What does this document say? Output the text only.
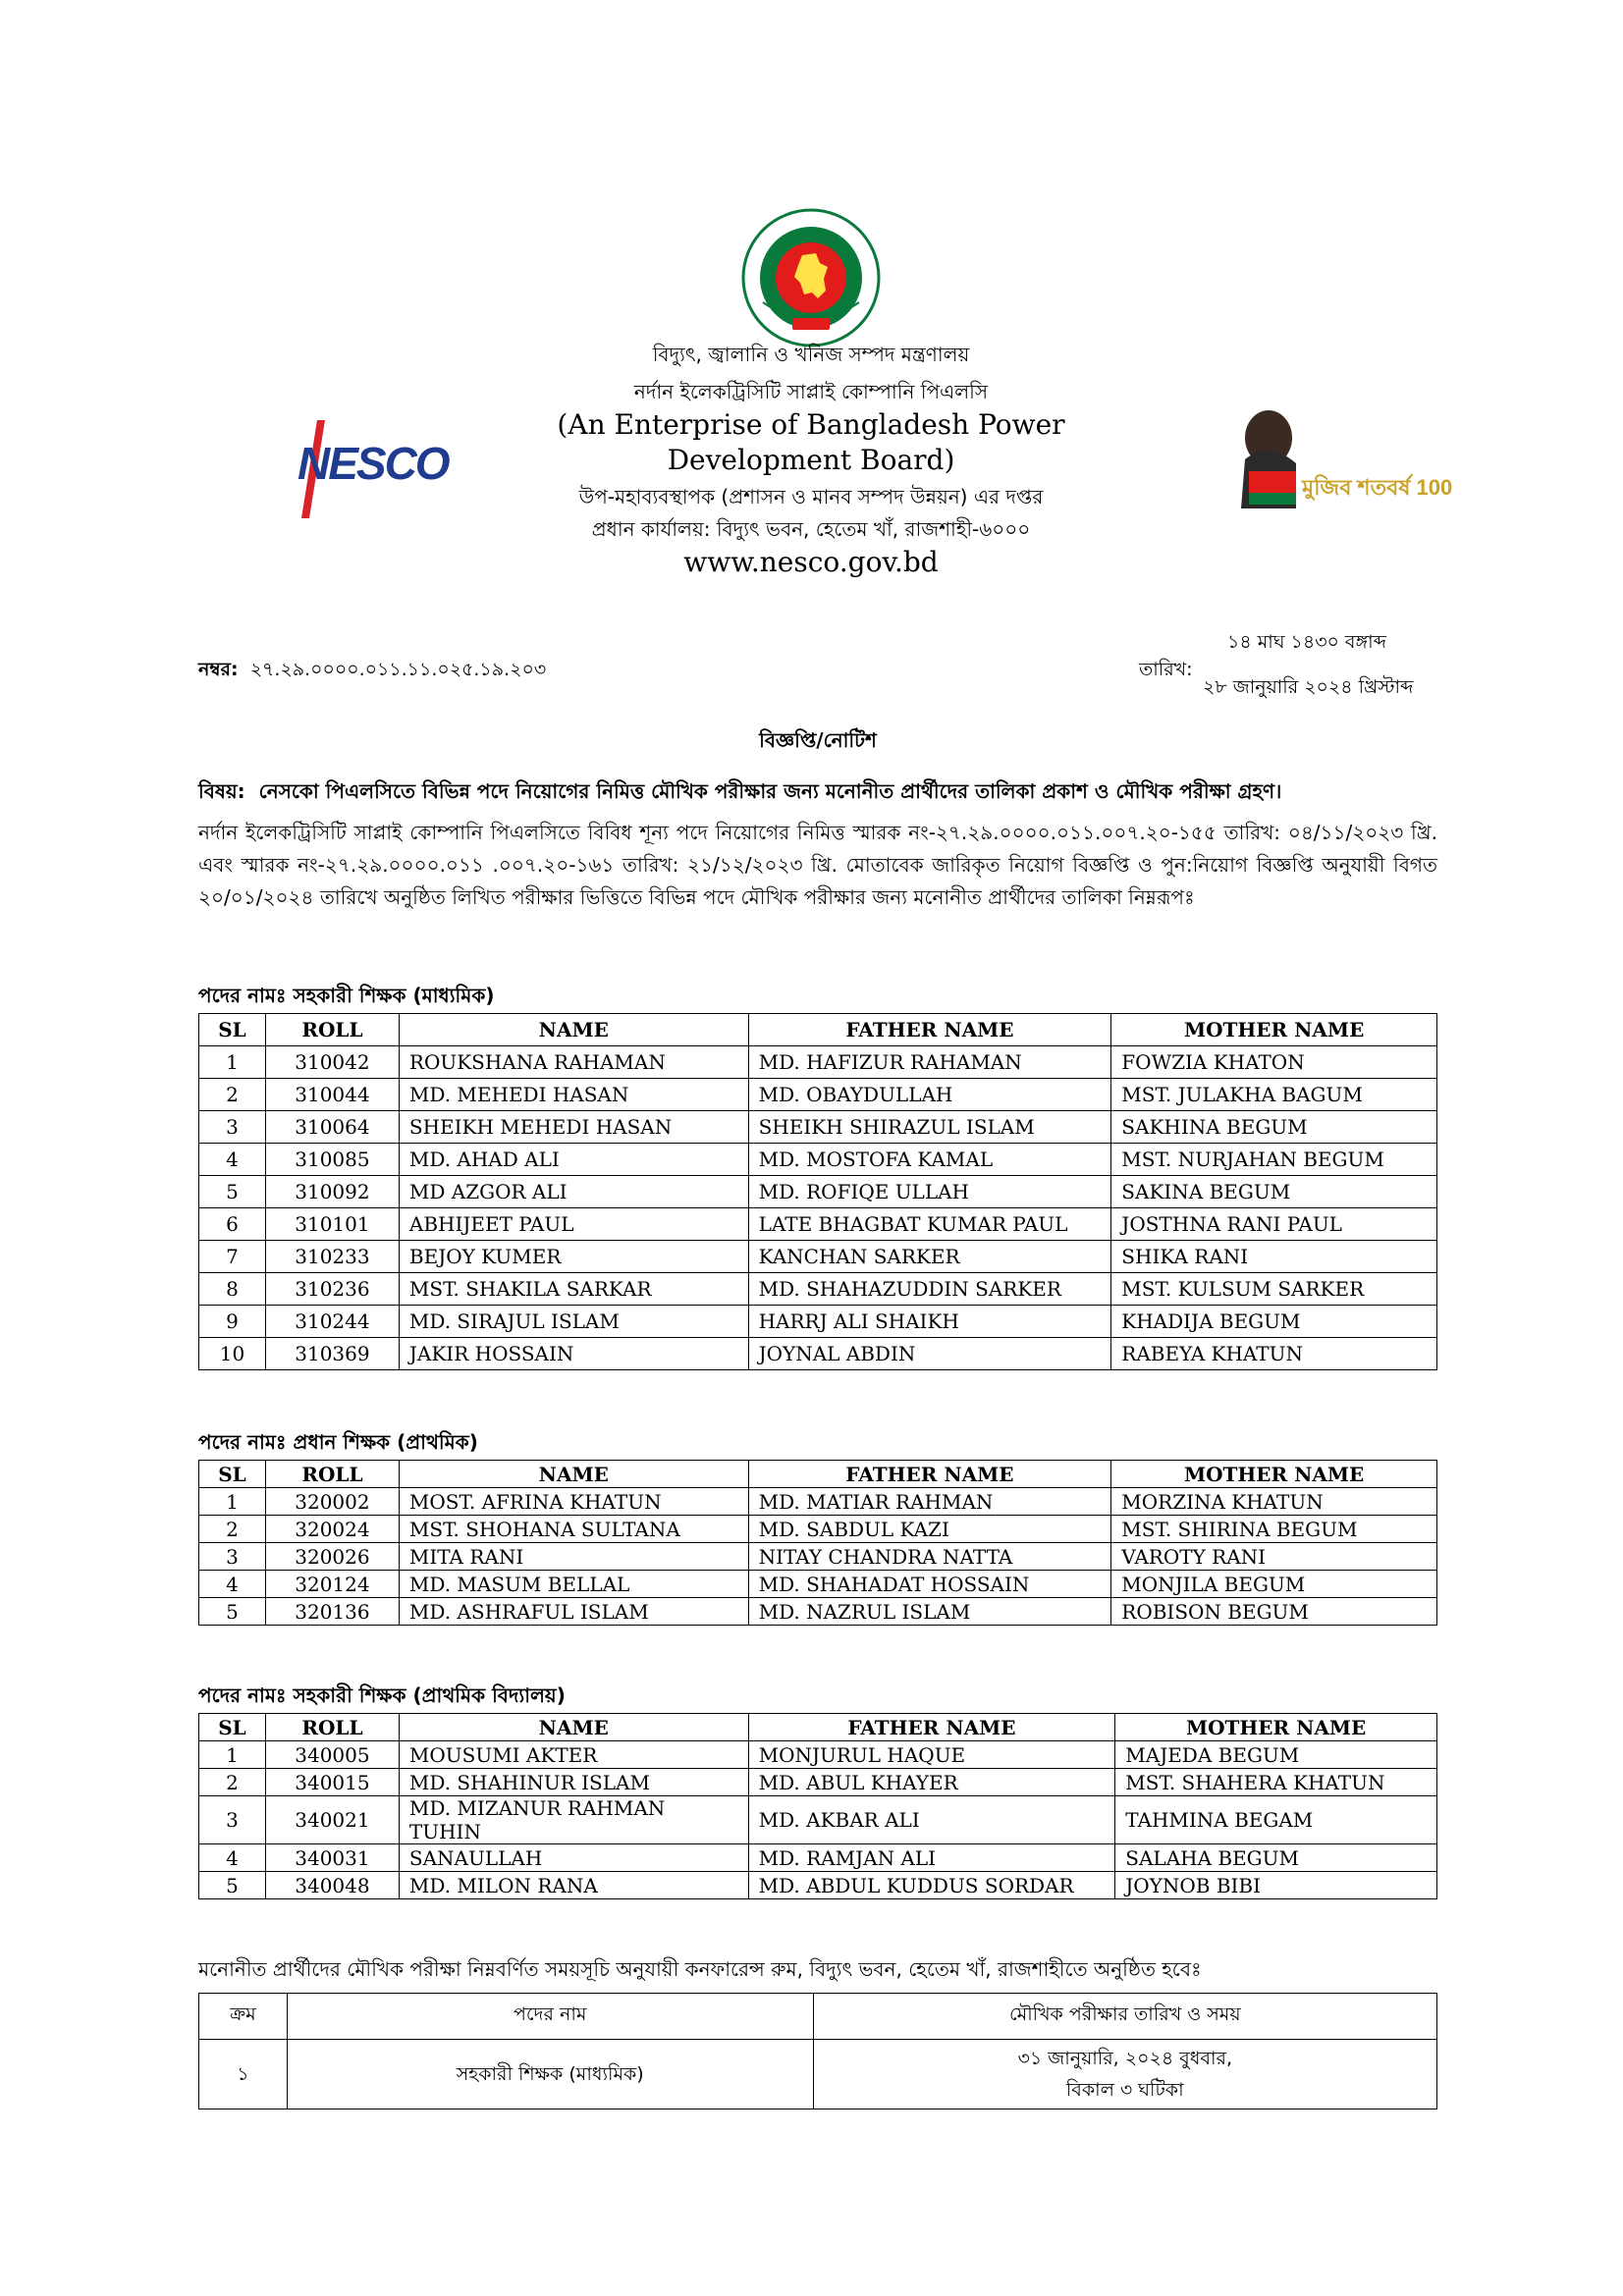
NESCO	মুজিব শতবর্ষ 100
বিদ্যুৎ, জ্বালানি ও খনিজ সম্পদ মন্ত্রণালয়
নর্দান ইলেকট্রিসিটি সাপ্লাই কোম্পানি পিএলসি
(An Enterprise of Bangladesh Power
Development Board)
উপ-মহাব্যবস্থাপক (প্রশাসন ও মানব সম্পদ উন্নয়ন) এর দপ্তর
প্রধান কার্যালয়: বিদ্যুৎ ভবন, হেতেম খাঁ, রাজশাহী-৬০০০
www.nesco.gov.bd
নম্বর: ২৭.২৯.০০০০.০১১.১১.০২৫.১৯.২০৩
১৪ মাঘ ১৪৩০ বঙ্গাব্দ
তারিখ:
২৮ জানুয়ারি ২০২৪ খ্রিস্টাব্দ
বিজ্ঞপ্তি/নোটিশ
বিষয়: নেসকো পিএলসিতে বিভিন্ন পদে নিয়োগের নিমিত্ত মৌখিক পরীক্ষার জন্য মনোনীত প্রার্থীদের তালিকা প্রকাশ ও মৌখিক পরীক্ষা গ্রহণ।
নর্দান ইলেকট্রিসিটি সাপ্লাই কোম্পানি পিএলসিতে বিবিধ শূন্য পদে নিয়োগের নিমিত্ত স্মারক নং-২৭.২৯.০০০০.০১১.০০৭.২০-১৫৫ তারিখ: ০৪/১১/২০২৩ খ্রি. এবং স্মারক নং-২৭.২৯.০০০০.০১১ .০০৭.২০-১৬১ তারিখ: ২১/১২/২০২৩ খ্রি. মোতাবেক জারিকৃত নিয়োগ বিজ্ঞপ্তি ও পুন:নিয়োগ বিজ্ঞপ্তি অনুযায়ী বিগত ২০/০১/২০২৪ তারিখে অনুষ্ঠিত লিখিত পরীক্ষার ভিত্তিতে বিভিন্ন পদে মৌখিক পরীক্ষার জন্য মনোনীত প্রার্থীদের তালিকা নিম্নরূপঃ
পদের নামঃ সহকারী শিক্ষক (মাধ্যমিক)
SL	ROLL	NAME	FATHER NAME	MOTHER NAME
1	310042	ROUKSHANA RAHAMAN	MD. HAFIZUR RAHAMAN	FOWZIA KHATON
2	310044	MD. MEHEDI HASAN	MD. OBAYDULLAH	MST. JULAKHA BAGUM
3	310064	SHEIKH MEHEDI HASAN	SHEIKH SHIRAZUL ISLAM	SAKHINA BEGUM
4	310085	MD. AHAD ALI	MD. MOSTOFA KAMAL	MST. NURJAHAN BEGUM
5	310092	MD AZGOR ALI	MD. ROFIQE ULLAH	SAKINA BEGUM
6	310101	ABHIJEET PAUL	LATE BHAGBAT KUMAR PAUL	JOSTHNA RANI PAUL
7	310233	BEJOY KUMER	KANCHAN SARKER	SHIKA RANI
8	310236	MST. SHAKILA SARKAR	MD. SHAHAZUDDIN SARKER	MST. KULSUM SARKER
9	310244	MD. SIRAJUL ISLAM	HARRJ ALI SHAIKH	KHADIJA BEGUM
10	310369	JAKIR HOSSAIN	JOYNAL ABDIN	RABEYA KHATUN
পদের নামঃ প্রধান শিক্ষক (প্রাথমিক)
SL	ROLL	NAME	FATHER NAME	MOTHER NAME
1	320002	MOST. AFRINA KHATUN	MD. MATIAR RAHMAN	MORZINA KHATUN
2	320024	MST. SHOHANA SULTANA	MD. SABDUL KAZI	MST. SHIRINA BEGUM
3	320026	MITA RANI	NITAY CHANDRA NATTA	VAROTY RANI
4	320124	MD. MASUM BELLAL	MD. SHAHADAT HOSSAIN	MONJILA BEGUM
5	320136	MD. ASHRAFUL ISLAM	MD. NAZRUL ISLAM	ROBISON BEGUM
পদের নামঃ সহকারী শিক্ষক (প্রাথমিক বিদ্যালয়)
SL	ROLL	NAME	FATHER NAME	MOTHER NAME
1	340005	MOUSUMI AKTER	MONJURUL HAQUE	MAJEDA BEGUM
2	340015	MD. SHAHINUR ISLAM	MD. ABUL KHAYER	MST. SHAHERA KHATUN
3	340021	MD. MIZANUR RAHMAN TUHIN	MD. AKBAR ALI	TAHMINA BEGAM
4	340031	SANAULLAH	MD. RAMJAN ALI	SALAHA BEGUM
5	340048	MD. MILON RANA	MD. ABDUL KUDDUS SORDAR	JOYNOB BIBI
মনোনীত প্রার্থীদের মৌখিক পরীক্ষা নিম্নবর্ণিত সময়সূচি অনুযায়ী কনফারেন্স রুম, বিদ্যুৎ ভবন, হেতেম খাঁ, রাজশাহীতে অনুষ্ঠিত হবেঃ
ক্রম	পদের নাম	মৌখিক পরীক্ষার তারিখ ও সময়
১	সহকারী শিক্ষক (মাধ্যমিক)	৩১ জানুয়ারি, ২০২৪ বুধবার,
বিকাল ৩ ঘটিকা
